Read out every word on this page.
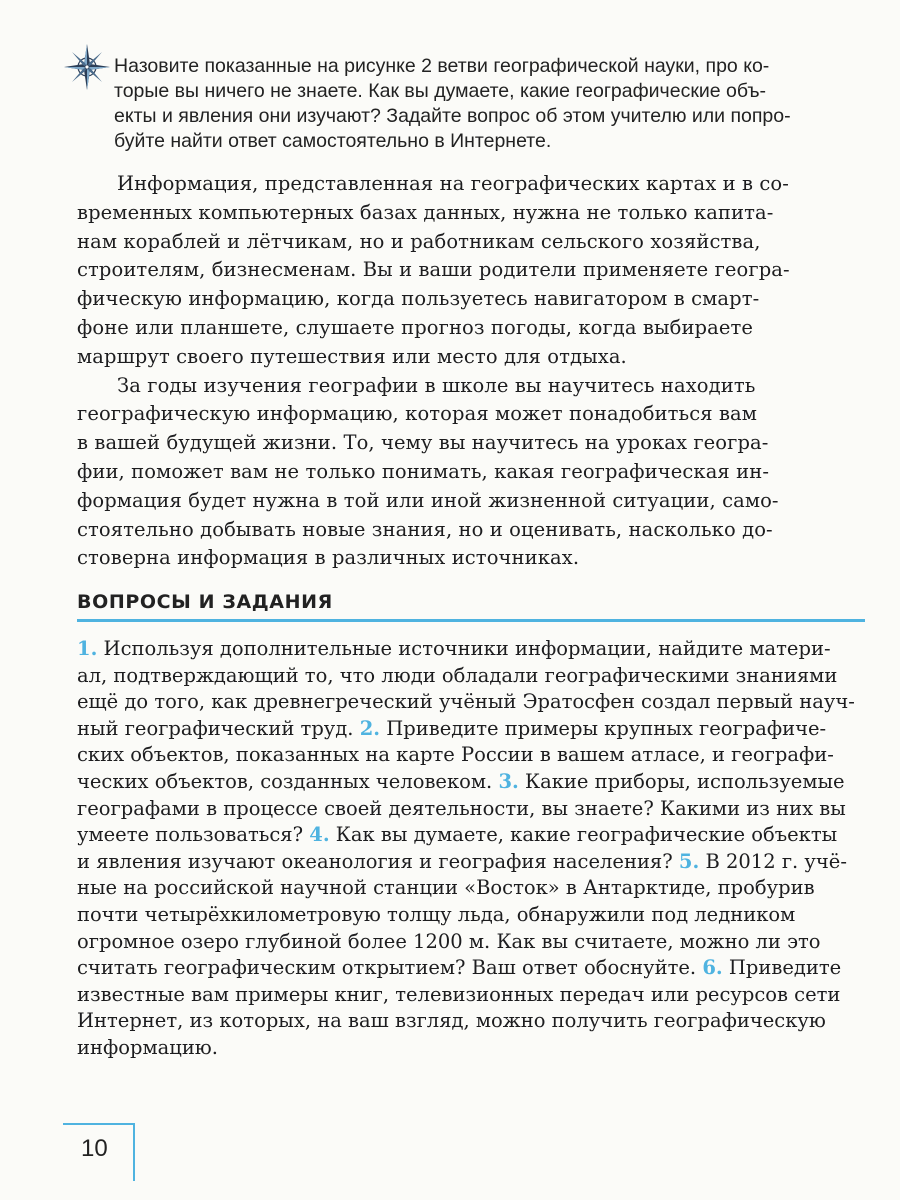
Назовите показанные на рисунке 2 ветви географической науки, про ко-
торые вы ничего не знаете. Как вы думаете, какие географические объ-
екты и явления они изучают? Задайте вопрос об этом учителю или попро-
буйте найти ответ самостоятельно в Интернете.
Информация, представленная на географических картах и в со-
временных компьютерных базах данных, нужна не только капита-
нам кораблей и лётчикам, но и работникам сельского хозяйства,
строителям, бизнесменам. Вы и ваши родители применяете геогра-
фическую информацию, когда пользуетесь навигатором в смарт-
фоне или планшете, слушаете прогноз погоды, когда выбираете
маршрут своего путешествия или место для отдыха.
За годы изучения географии в школе вы научитесь находить
географическую информацию, которая может понадобиться вам
в вашей будущей жизни. То, чему вы научитесь на уроках геогра-
фии, поможет вам не только понимать, какая географическая ин-
формация будет нужна в той или иной жизненной ситуации, само-
стоятельно добывать новые знания, но и оценивать, насколько до-
стоверна информация в различных источниках.
ВОПРОСЫ И ЗАДАНИЯ
1. Используя дополнительные источники информации, найдите матери-
ал, подтверждающий то, что люди обладали географическими знаниями
ещё до того, как древнегреческий учёный Эратосфен создал первый науч-
ный географический труд. 2. Приведите примеры крупных географиче-
ских объектов, показанных на карте России в вашем атласе, и географи-
ческих объектов, созданных человеком. 3. Какие приборы, используемые
географами в процессе своей деятельности, вы знаете? Какими из них вы
умеете пользоваться? 4. Как вы думаете, какие географические объекты
и явления изучают океанология и география населения? 5. В 2012 г. учё-
ные на российской научной станции «Восток» в Антарктиде, пробурив
почти четырёхкилометровую толщу льда, обнаружили под ледником
огромное озеро глубиной более 1200 м. Как вы считаете, можно ли это
считать географическим открытием? Ваш ответ обоснуйте. 6. Приведите
известные вам примеры книг, телевизионных передач или ресурсов сети
Интернет, из которых, на ваш взгляд, можно получить географическую
информацию.
10
